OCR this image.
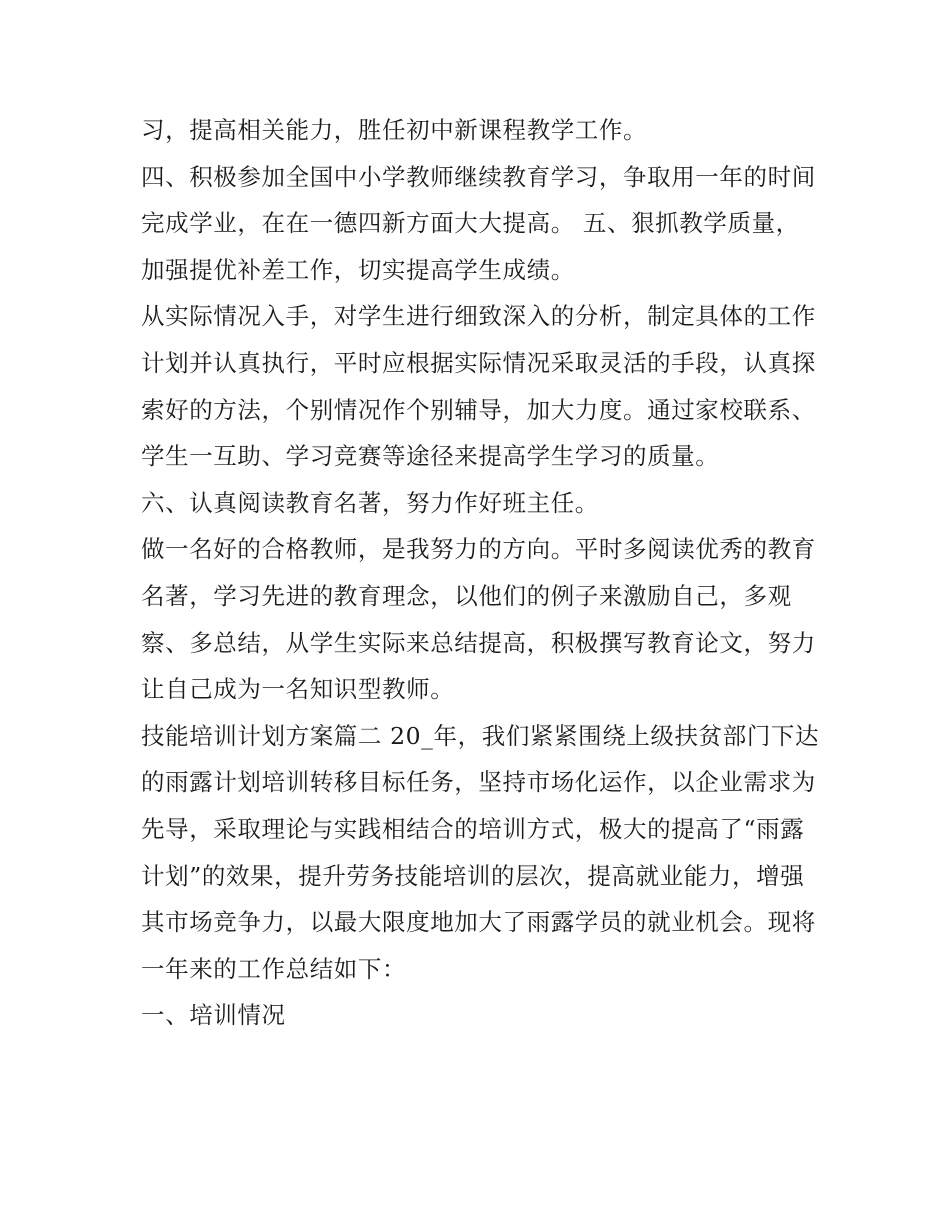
习，提高相关能力，胜任初中新课程教学工作。

四、积极参加全国中小学教师继续教育学习，争取用一年的时间完成学业，在在一德四新方面大大提高。 五、狠抓教学质量，加强提优补差工作，切实提高学生成绩。

从实际情况入手，对学生进行细致深入的分析，制定具体的工作计划并认真执行，平时应根据实际情况采取灵活的手段，认真探索好的方法，个别情况作个别辅导，加大力度。通过家校联系、学生一互助、学习竞赛等途径来提高学生学习的质量。

六、认真阅读教育名著，努力作好班主任。

做一名好的合格教师，是我努力的方向。平时多阅读优秀的教育名著，学习先进的教育理念，以他们的例子来激励自己，多观察、多总结，从学生实际来总结提高，积极撰写教育论文，努力让自己成为一名知识型教师。

技能培训计划方案篇二 20_年，我们紧紧围绕上级扶贫部门下达的雨露计划培训转移目标任务，坚持市场化运作，以企业需求为先导，采取理论与实践相结合的培训方式，极大的提高了“雨露计划”的效果，提升劳务技能培训的层次，提高就业能力，增强其市场竞争力，以最大限度地加大了雨露学员的就业机会。现将一年来的工作总结如下：

一、培训情况
